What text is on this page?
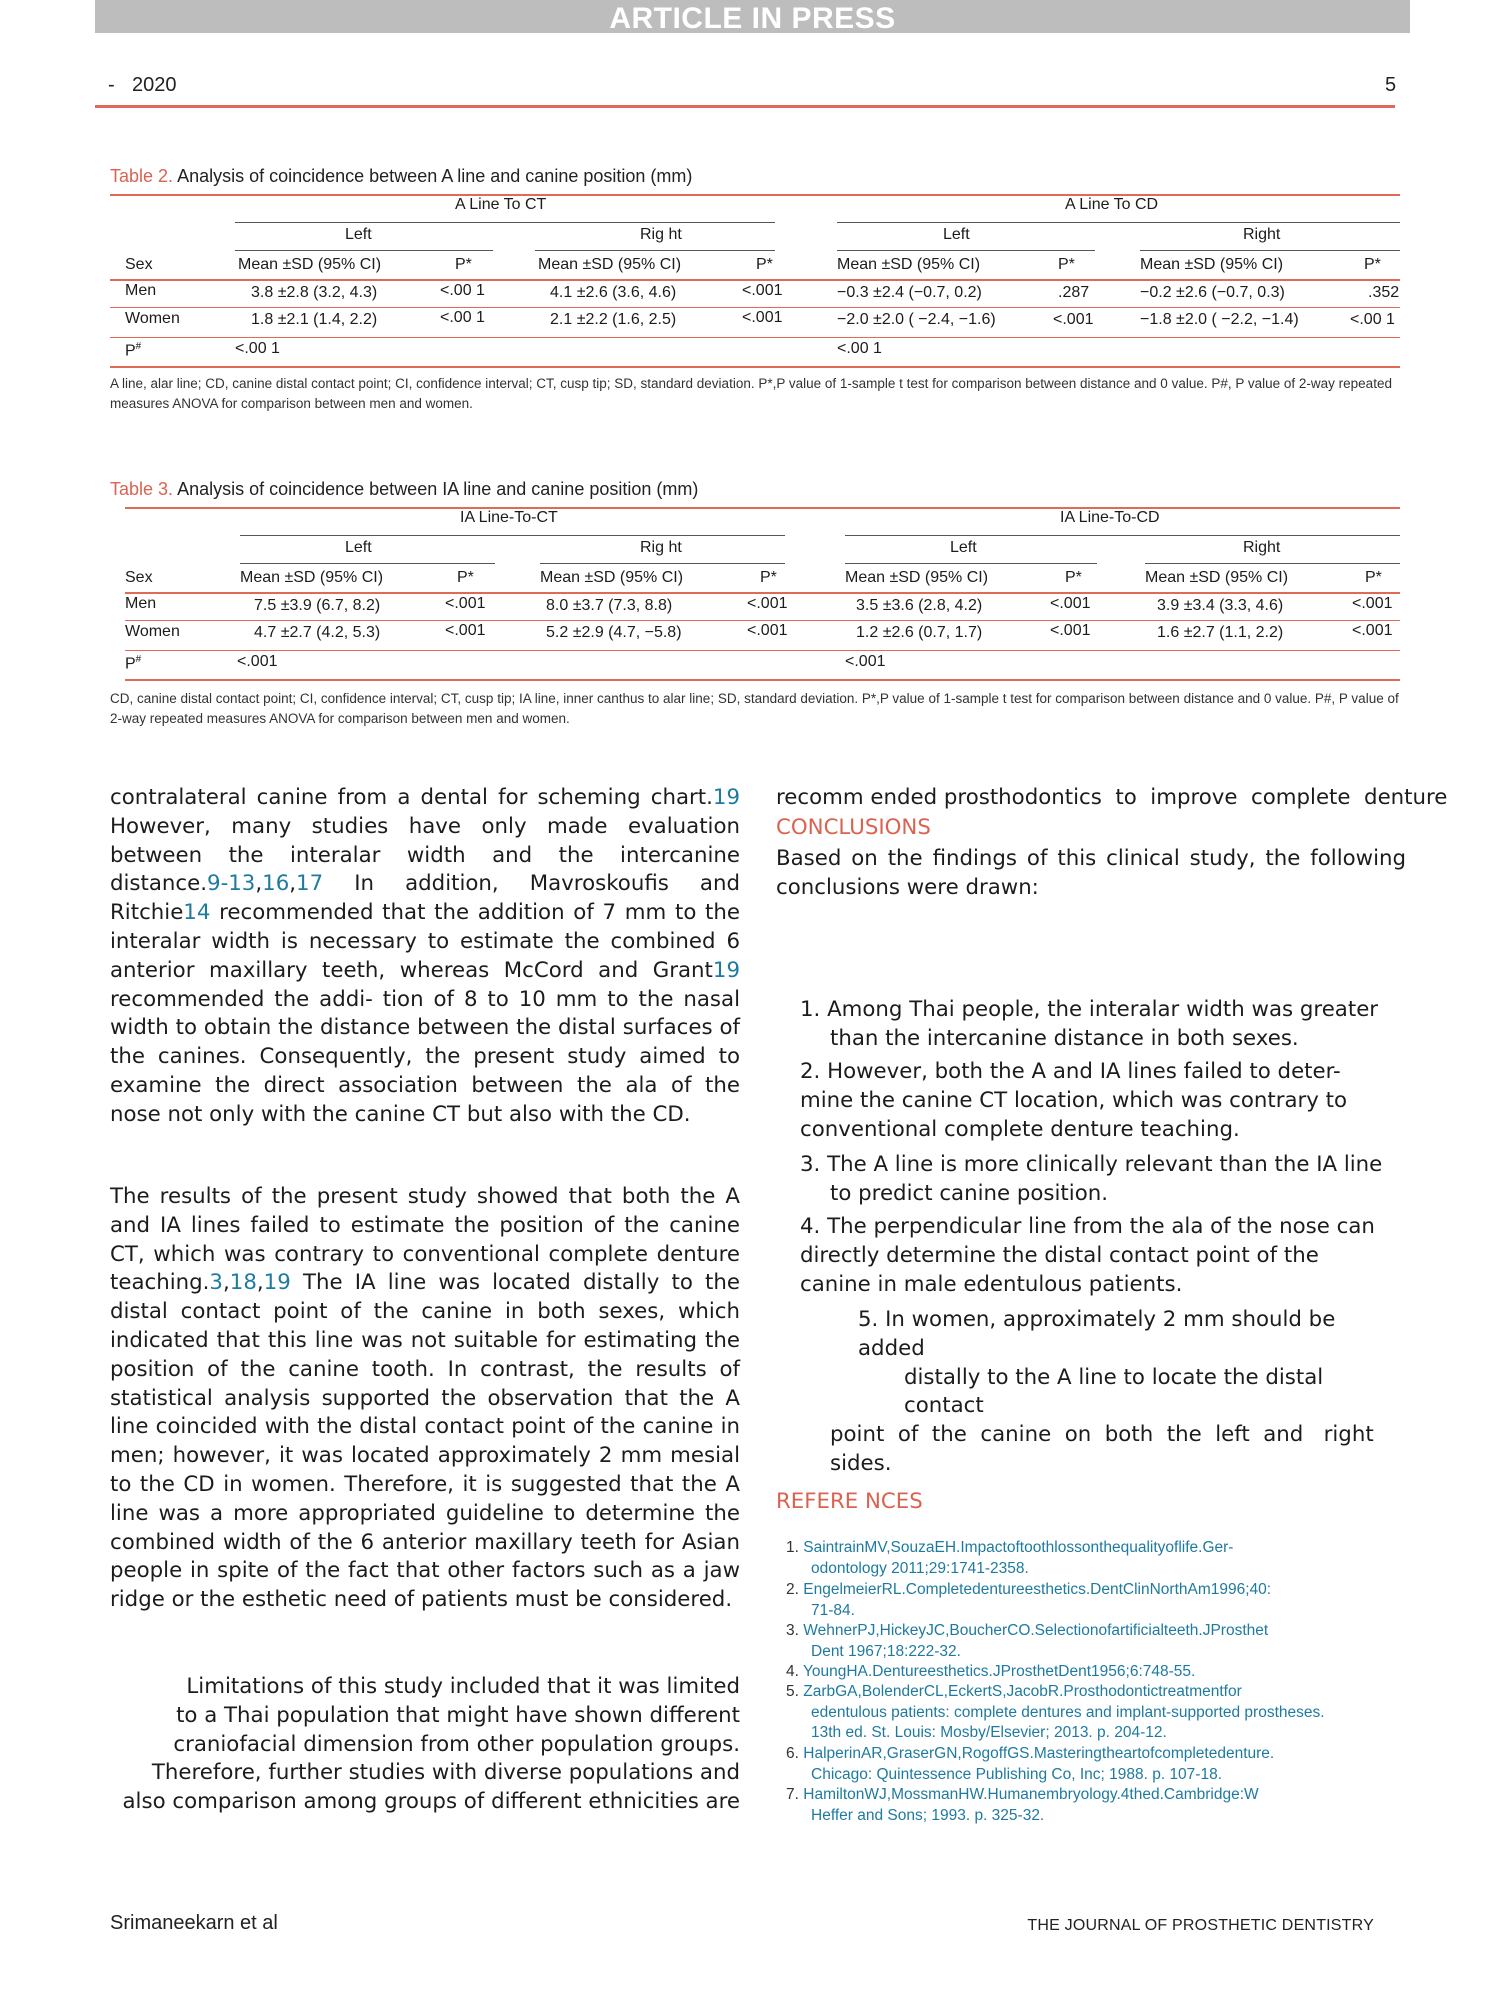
ARTICLE IN PRESS
- 2020	5

Table 2. Analysis of coincidence between A line and canine position (mm)

A Line To CT	A Line To CD
Left	Rig ht	Left	Right
Sex	Mean ±SD (95% CI)	P*	Mean ±SD (95% CI)	P*	Mean ±SD (95% CI)	P*	Mean ±SD (95% CI)	P*
Men	3.8 ±2.8 (3.2, 4.3)	<.00 1	4.1 ±2.6 (3.6, 4.6)	<.001	−0.3 ±2.4 (−0.7, 0.2)	.287	−0.2 ±2.6 (−0.7, 0.3)	.352
Women	1.8 ±2.1 (1.4, 2.2)	<.00 1	2.1 ±2.2 (1.6, 2.5)	<.001	−2.0 ±2.0 ( −2.4, −1.6)	<.001	−1.8 ±2.0 ( −2.2, −1.4)	<.00 1
P#	<.00 1	<.00 1
A line, alar line; CD, canine distal contact point; CI, confidence interval; CT, cusp tip; SD, standard deviation. P*,P value of 1-sample t test for comparison between distance and 0 value. P#, P value of 2-way repeated measures ANOVA for comparison between men and women.

Table 3. Analysis of coincidence between IA line and canine position (mm)

IA Line-To-CT	IA Line-To-CD
Left	Rig ht	Left	Right
Sex	Mean ±SD (95% CI)	P*	Mean ±SD (95% CI)	P*	Mean ±SD (95% CI)	P*	Mean ±SD (95% CI)	P*
Men	7.5 ±3.9 (6.7, 8.2)	<.001	8.0 ±3.7 (7.3, 8.8)	<.001	3.5 ±3.6 (2.8, 4.2)	<.001	3.9 ±3.4 (3.3, 4.6)	<.001
Women	4.7 ±2.7 (4.2, 5.3)	<.001	5.2 ±2.9 (4.7, −5.8)	<.001	1.2 ±2.6 (0.7, 1.7)	<.001	1.6 ±2.7 (1.1, 2.2)	<.001
P#	<.001	<.001
CD, canine distal contact point; CI, confidence interval; CT, cusp tip; IA line, inner canthus to alar line; SD, standard deviation. P*,P value of 1-sample t test for comparison between distance and 0 value. P#, P value of 2-way repeated measures ANOVA for comparison between men and women.
contralateral canine from a dental for scheming chart.19 However, many studies have only made evaluation between the interalar width and the intercanine distance.9-13,16,17 In addition, Mavroskoufis and Ritchie14 recommended that the addition of 7 mm to the interalar width is necessary to estimate the combined 6 anterior maxillary teeth, whereas McCord and Grant19 recommended the addi- tion of 8 to 10 mm to the nasal width to obtain the distance between the distal surfaces of the canines. Consequently, the present study aimed to examine the direct association between the ala of the nose not only with the canine CT but also with the CD.
The results of the present study showed that both the A and IA lines failed to estimate the position of the canine CT, which was contrary to conventional complete denture teaching.3,18,19 The IA line was located distally to the distal contact point of the canine in both sexes, which indicated that this line was not suitable for estimating the position of the canine tooth. In contrast, the results of statistical analysis supported the observation that the A line coincided with the distal contact point of the canine in men; however, it was located approximately 2 mm mesial to the CD in women. Therefore, it is suggested that the A line was a more appropriated guideline to determine the combined width of the 6 anterior maxillary teeth for Asian people in spite of the fact that other factors such as a jaw ridge or the esthetic need of patients must be considered.
Limitations of this study included that it was limited
to a Thai population that might have shown different
craniofacial dimension from other population groups.
Therefore, further studies with diverse populations and
also comparison among groups of different ethnicities are
recomm ended prosthodontics  to  improve  complete  denture
CONCLUSIONS
Based on the findings of this clinical study, the following conclusions were drawn:
1. Among Thai people, the interalar width was greater
than the intercanine distance in both sexes.
2. However, both the A and IA lines failed to deter-
mine the canine CT location, which was contrary to
conventional complete denture teaching.
3. The A line is more clinically relevant than the IA line
to predict canine position.
4. The perpendicular line from the ala of the nose can
directly determine the distal contact point of the
canine in male edentulous patients.
5. In women, approximately 2 mm should be added
distally to the A line to locate the distal contact
point  of  the  canine  on  both  the  left  and   right
sides.
REFERE NCES
1. SaintrainMV,SouzaEH.Impactoftoothlossonthequalityoflife.Ger-
odontology 2011;29:1741-2358.
2. EngelmeierRL.Completedentureesthetics.DentClinNorthAm1996;40:
71-84.
3. WehnerPJ,HickeyJC,BoucherCO.Selectionofartificialteeth.JProsthet
Dent 1967;18:222-32.
4. YoungHA.Dentureesthetics.JProsthetDent1956;6:748-55.
5. ZarbGA,BolenderCL,EckertS,JacobR.Prosthodontictreatmentfor
edentulous patients: complete dentures and implant-supported prostheses.
13th ed. St. Louis: Mosby/Elsevier; 2013. p. 204-12.
6. HalperinAR,GraserGN,RogoffGS.Masteringtheartofcompletedenture.
Chicago: Quintessence Publishing Co, Inc; 1988. p. 107-18.
7. HamiltonWJ,MossmanHW.Humanembryology.4thed.Cambridge:W
Heffer and Sons; 1993. p. 325-32.
Srimaneekarn et al	THE JOURNAL OF PROSTHETIC DENTISTRY
